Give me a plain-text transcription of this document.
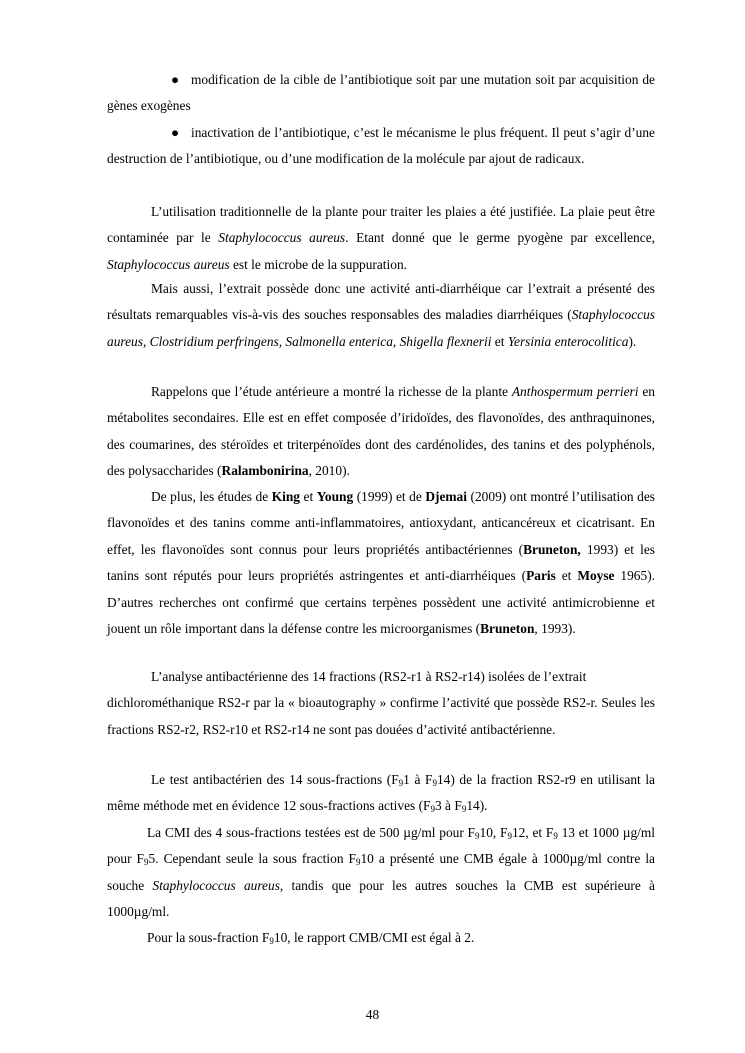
● modification de la cible de l’antibiotique soit par une mutation soit par acquisition de gènes exogènes

● inactivation de l’antibiotique, c’est le mécanisme le plus fréquent. Il peut s’agir d’une destruction de l’antibiotique, ou d’une modification de la molécule par ajout de radicaux.

L’utilisation traditionnelle de la plante pour traiter les plaies a été justifiée. La plaie peut être contaminée par le Staphylococcus aureus. Etant donné que le germe pyogène par excellence, Staphylococcus aureus est le microbe de la suppuration.

Mais aussi, l’extrait possède donc une activité anti-diarrhéique car l’extrait a présenté des résultats remarquables vis-à-vis des souches responsables des maladies diarrhéiques (Staphylococcus aureus, Clostridium perfringens, Salmonella enterica, Shigella flexnerii et Yersinia enterocolitica).

Rappelons que l’étude antérieure a montré la richesse de la plante Anthospermum perrieri en métabolites secondaires. Elle est en effet composée d’iridoïdes, des flavonoïdes, des anthraquinones, des coumarines, des stéroïdes et triterpénoïdes dont des cardénolides, des tanins et des polyphénols, des polysaccharides (Ralambonirina, 2010).

De plus, les études de King et Young (1999) et de Djemai (2009) ont montré l’utilisation des flavonoïdes et des tanins comme anti-inflammatoires, antioxydant, anticancéreux et cicatrisant. En effet, les flavonoïdes sont connus pour leurs propriétés antibactériennes (Bruneton, 1993) et les tanins sont réputés pour leurs propriétés astringentes et anti-diarrhéiques (Paris et Moyse 1965). D’autres recherches ont confirmé que certains terpènes possèdent une activité antimicrobienne et jouent un rôle important dans la défense contre les microorganismes (Bruneton, 1993).

L’analyse antibactérienne des 14 fractions (RS2-r1 à RS2-r14) isolées de l’extrait
dichlorométhanique RS2-r par la « bioautography » confirme l’activité que possède RS2-r. Seules les fractions RS2-r2, RS2-r10 et RS2-r14 ne sont pas douées d’activité antibactérienne.

Le test antibactérien des 14 sous-fractions ($F_91$ à $F_914$) de la fraction RS2-r9 en utilisant la même méthode met en évidence 12 sous-fractions actives ($F_93$ à $F_914$).

La CMI des 4 sous-fractions testées est de 500 µg/ml pour $F_910$, $F_912$, et $F_9$ 13 et 1000 µg/ml pour $F_95$. Cependant seule la sous fraction $F_910$ a présenté une CMB égale à 1000µg/ml contre la souche Staphylococcus aureus, tandis que pour les autres souches la CMB est supérieure à 1000µg/ml.

Pour la sous-fraction $F_910$, le rapport CMB/CMI est égal à 2.

48
